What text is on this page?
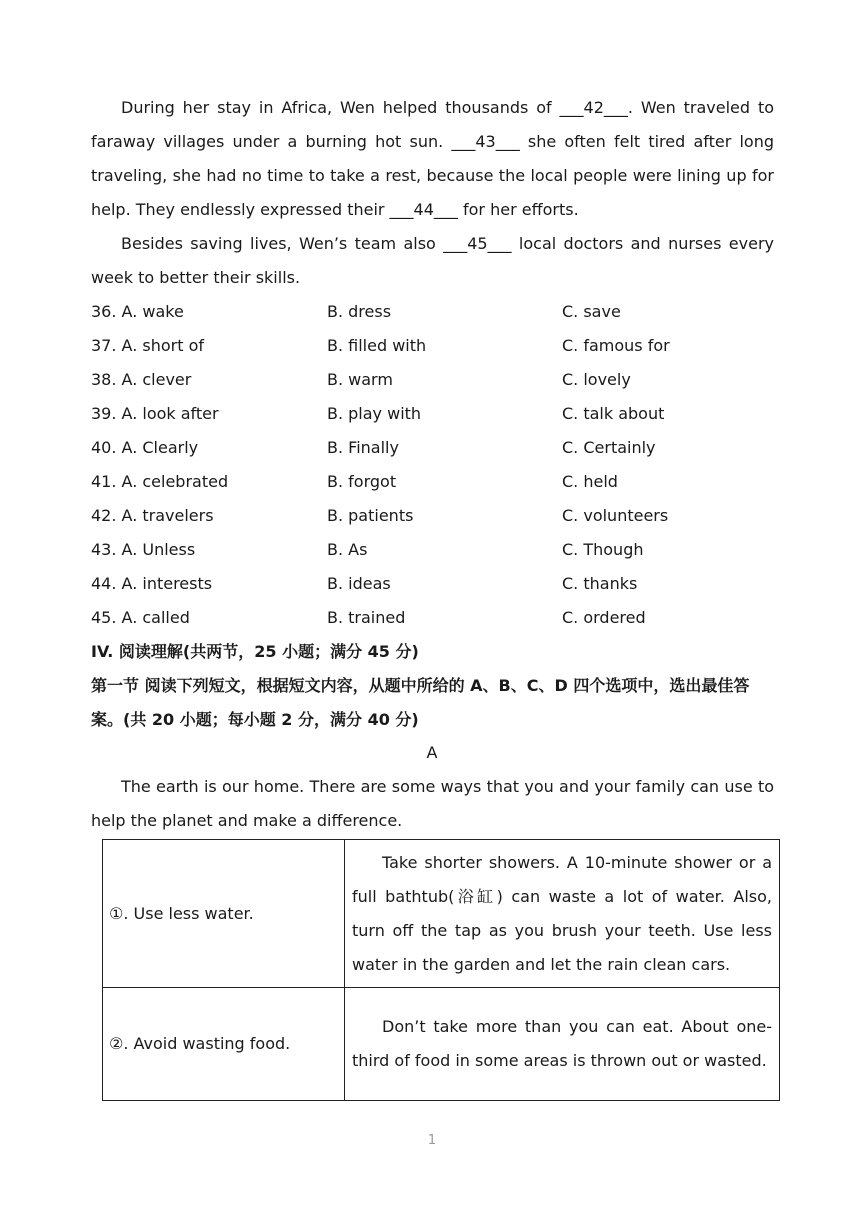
During her stay in Africa, Wen helped thousands of ___42___. Wen traveled to faraway villages under a burning hot sun. ___43___ she often felt tired after long traveling, she had no time to take a rest, because the local people were lining up for help. They endlessly expressed their ___44___ for her efforts.

Besides saving lives, Wen’s team also ___45___ local doctors and nurses every week to better their skills.

36. A. wake	B. dress	C. save
37. A. short of	B. filled with	C. famous for
38. A. clever	B. warm	C. lovely
39. A. look after	B. play with	C. talk about
40. A. Clearly	B. Finally	C. Certainly
41. A. celebrated	B. forgot	C. held
42. A. travelers	B. patients	C. volunteers
43. A. Unless	B. As	C. Though
44. A. interests	B. ideas	C. thanks
45. A. called	B. trained	C. ordered

IV. 阅读理解(共两节，25 小题；满分 45 分)

第一节 阅读下列短文，根据短文内容，从题中所给的 A、B、C、D 四个选项中，选出最佳答案。(共 20 小题；每小题 2 分，满分 40 分)

A

The earth is our home. There are some ways that you and your family can use to help the planet and make a difference.

①. Use less water.	Take shorter showers. A 10-minute shower or a full bathtub(浴缸) can waste a lot of water. Also, turn off the tap as you brush your teeth. Use less water in the garden and let the rain clean cars.
②. Avoid wasting food.	Don’t take more than you can eat. About one-third of food in some areas is thrown out or wasted.
1
